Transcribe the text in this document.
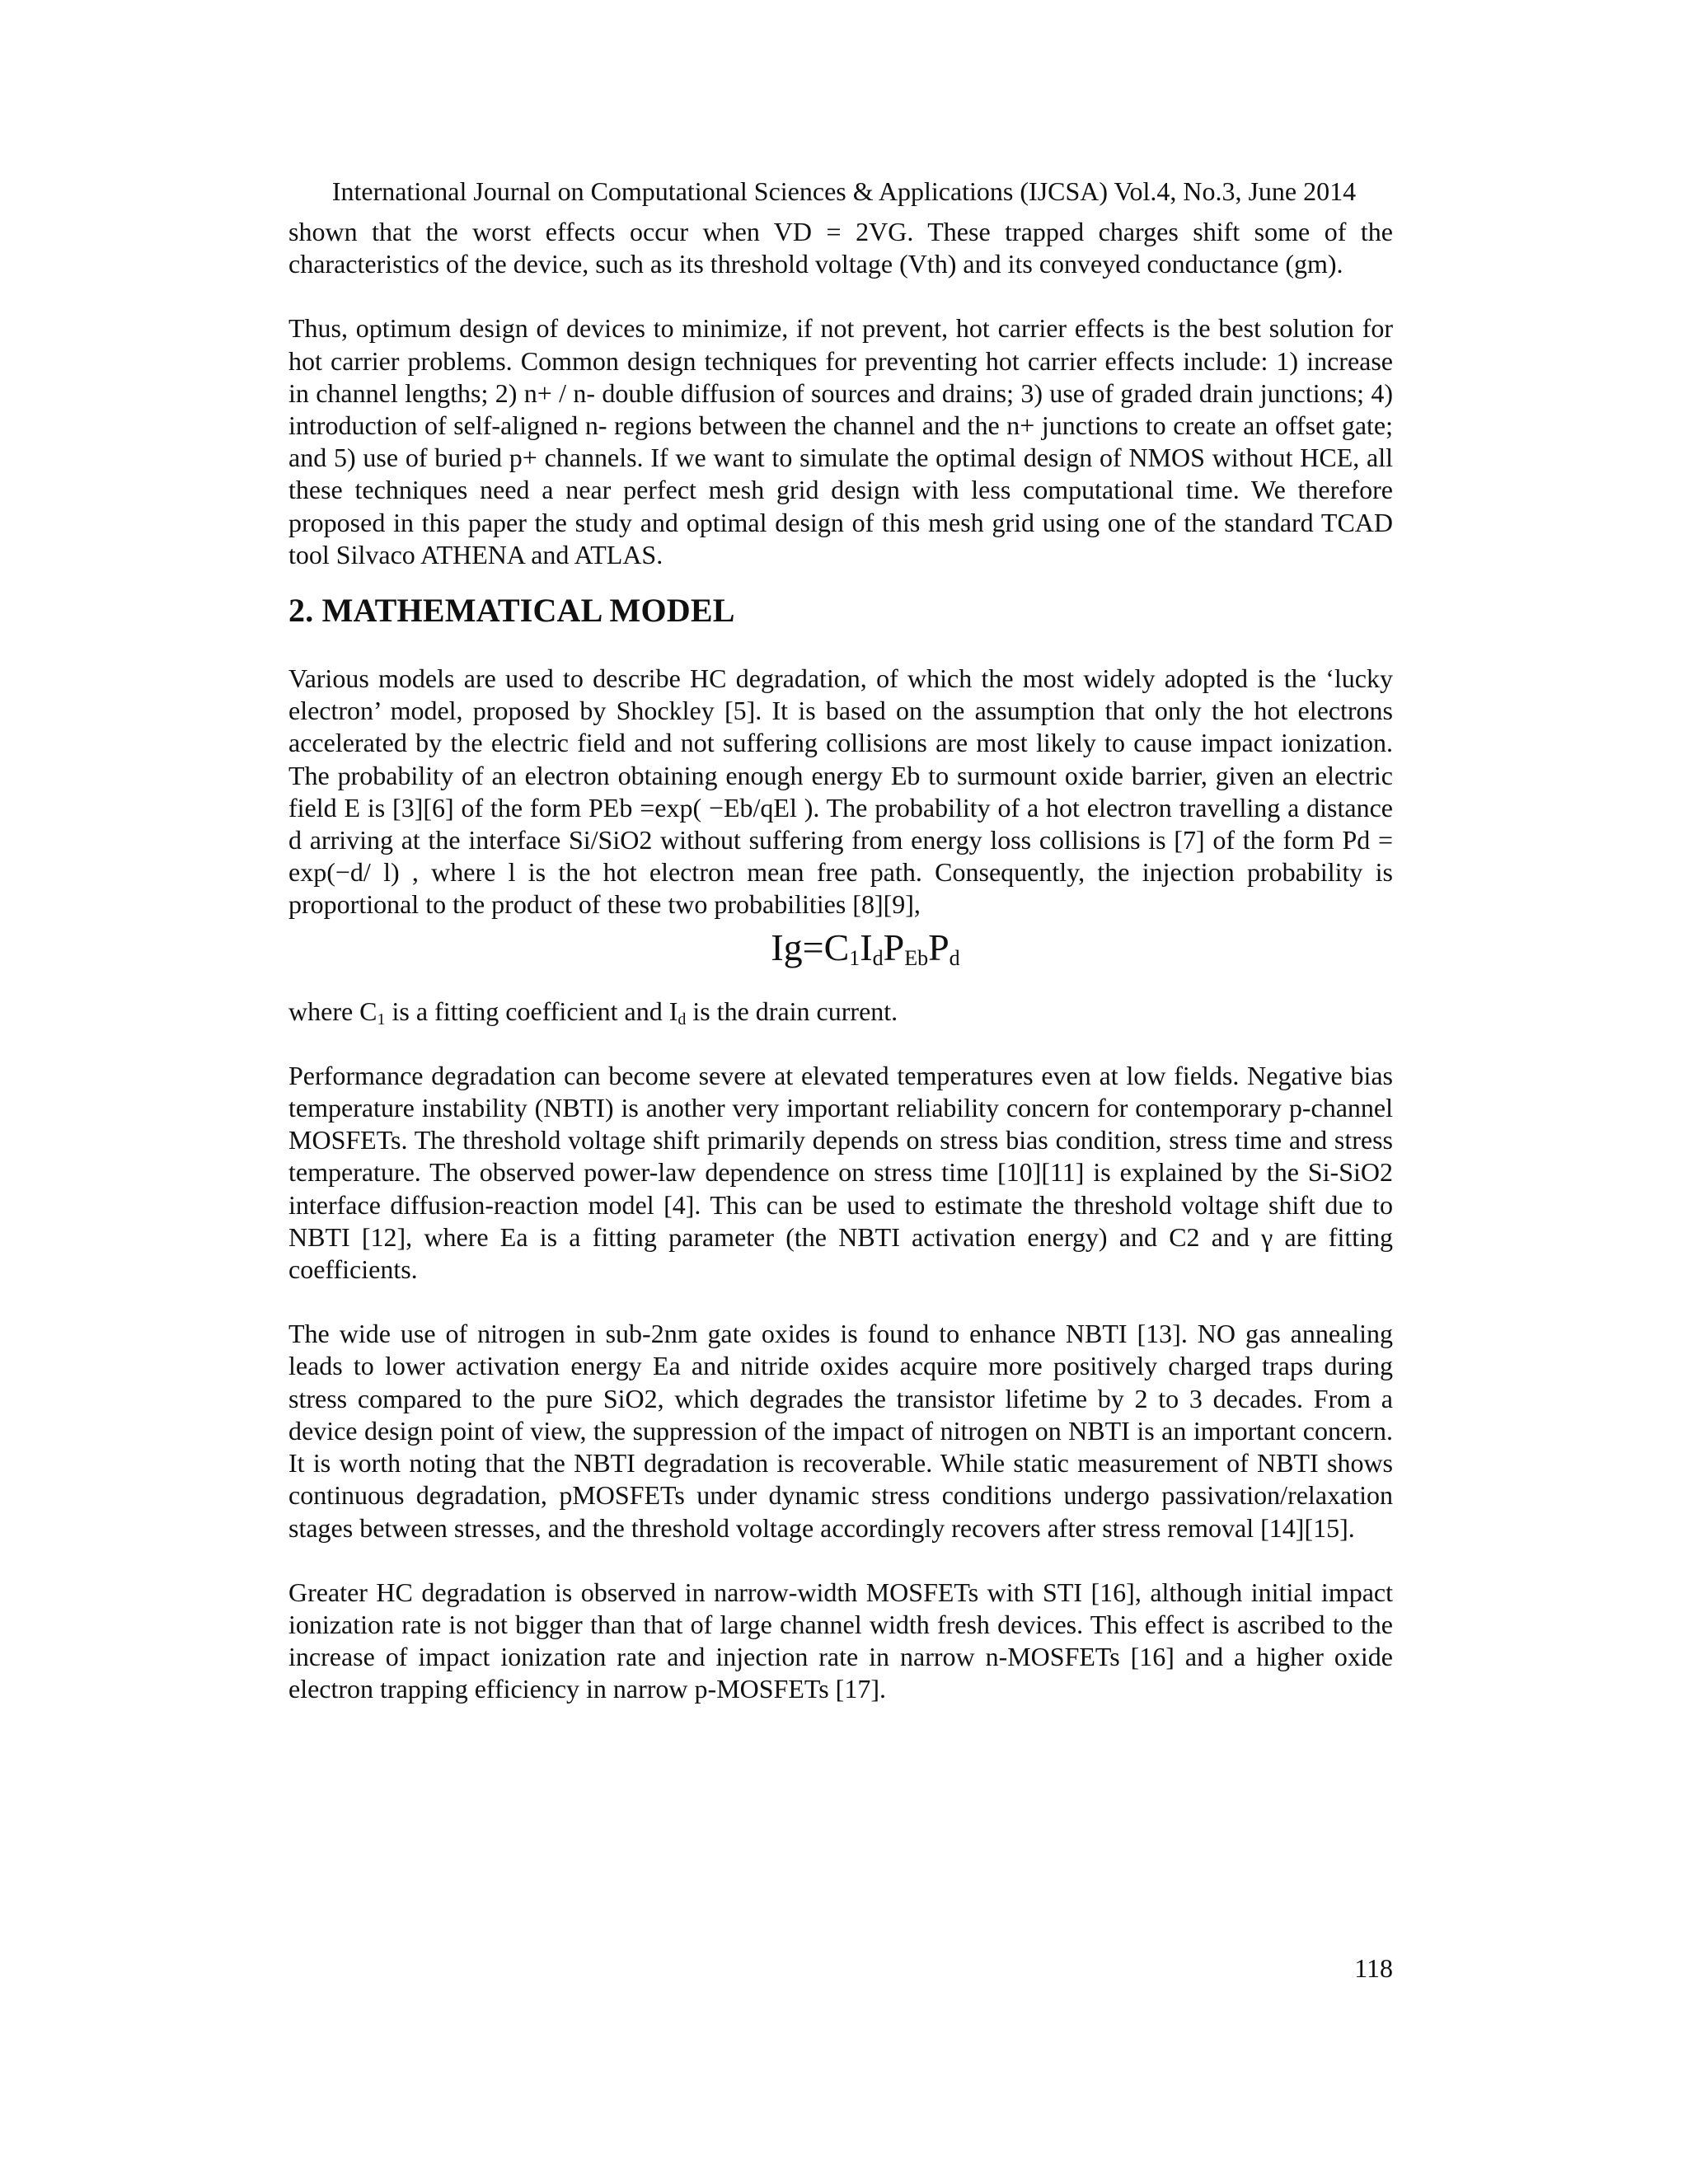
International Journal on Computational Sciences & Applications (IJCSA) Vol.4, No.3, June 2014

shown that the worst effects occur when VD = 2VG. These trapped charges shift some of the characteristics of the device, such as its threshold voltage (Vth) and its conveyed conductance (gm).

Thus, optimum design of devices to minimize, if not prevent, hot carrier effects is the best solution for hot carrier problems. Common design techniques for preventing hot carrier effects include: 1) increase in channel lengths; 2) n+ / n- double diffusion of sources and drains; 3) use of graded drain junctions; 4) introduction of self-aligned n- regions between the channel and the n+ junctions to create an offset gate; and 5) use of buried p+ channels. If we want to simulate the optimal design of NMOS without HCE, all these techniques need a near perfect mesh grid design with less computational time. We therefore proposed in this paper the study and optimal design of this mesh grid using one of the standard TCAD tool Silvaco ATHENA and ATLAS.

2. MATHEMATICAL MODEL

Various models are used to describe HC degradation, of which the most widely adopted is the ‘lucky electron’ model, proposed by Shockley [5]. It is based on the assumption that only the hot electrons accelerated by the electric field and not suffering collisions are most likely to cause impact ionization. The probability of an electron obtaining enough energy Eb to surmount oxide barrier, given an electric field E is [3][6] of the form PEb =exp( −Eb/qEl ). The probability of a hot electron travelling a distance d arriving at the interface Si/SiO2 without suffering from energy loss collisions is [7] of the form Pd = exp(−d/ l) , where l is the hot electron mean free path. Consequently, the injection probability is proportional to the product of these two probabilities [8][9],

$Ig=C_1I_dP_{Eb}P_d$

where $C_1$ is a fitting coefficient and $I_d$ is the drain current.

Performance degradation can become severe at elevated temperatures even at low fields. Negative bias temperature instability (NBTI) is another very important reliability concern for contemporary p-channel MOSFETs. The threshold voltage shift primarily depends on stress bias condition, stress time and stress temperature. The observed power-law dependence on stress time [10][11] is explained by the Si-SiO2 interface diffusion-reaction model [4]. This can be used to estimate the threshold voltage shift due to NBTI [12], where Ea is a fitting parameter (the NBTI activation energy) and C2 and γ are fitting coefficients.

The wide use of nitrogen in sub-2nm gate oxides is found to enhance NBTI [13]. NO gas annealing leads to lower activation energy Ea and nitride oxides acquire more positively charged traps during stress compared to the pure SiO2, which degrades the transistor lifetime by 2 to 3 decades. From a device design point of view, the suppression of the impact of nitrogen on NBTI is an important concern. It is worth noting that the NBTI degradation is recoverable. While static measurement of NBTI shows continuous degradation, pMOSFETs under dynamic stress conditions undergo passivation/relaxation stages between stresses, and the threshold voltage accordingly recovers after stress removal [14][15].

Greater HC degradation is observed in narrow-width MOSFETs with STI [16], although initial impact ionization rate is not bigger than that of large channel width fresh devices. This effect is ascribed to the increase of impact ionization rate and injection rate in narrow n-MOSFETs [16] and a higher oxide electron trapping efficiency in narrow p-MOSFETs [17].

118
